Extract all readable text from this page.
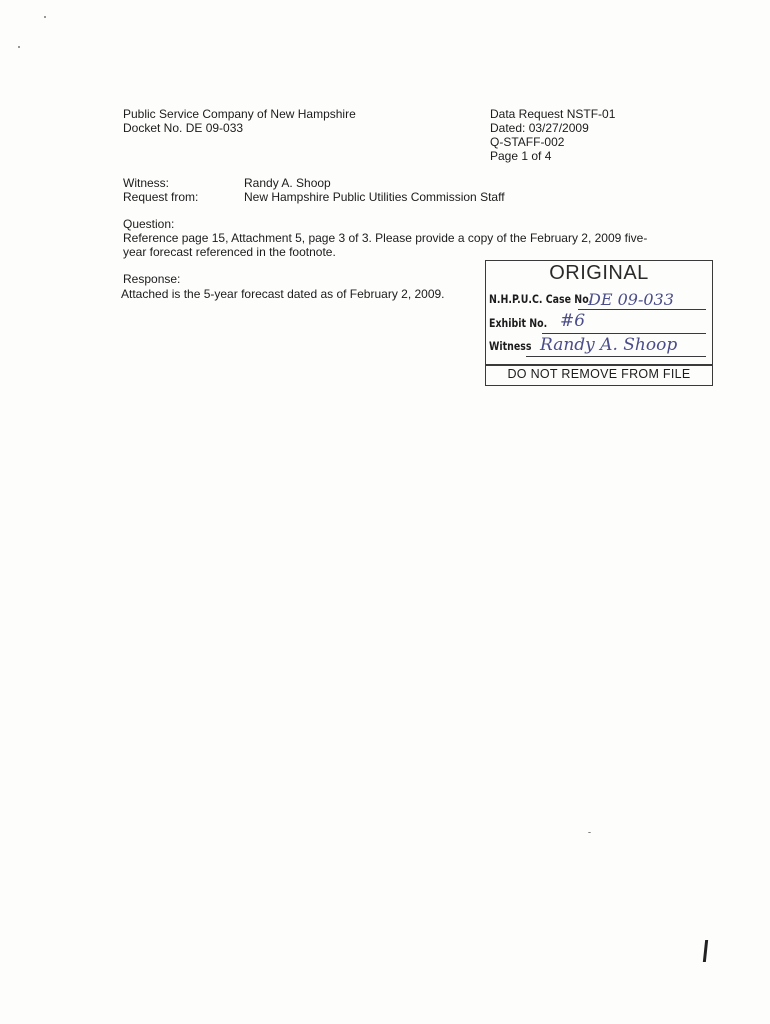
Public Service Company of New Hampshire
Docket No. DE 09-033
Data Request NSTF-01
Dated: 03/27/2009
Q-STAFF-002
Page 1 of 4
Witness:	Randy A. Shoop
Request from:	New Hampshire Public Utilities Commission Staff
Question:
Reference page 15, Attachment 5, page 3 of 3. Please provide a copy of the February 2, 2009 five-year forecast referenced in the footnote.
Response:
Attached is the 5-year forecast dated as of February 2, 2009.
ORIGINAL
N.H.P.U.C. Case No.
DE 09-033
Exhibit No. #6
Witness Randy A. Shoop
DO NOT REMOVE FROM FILE
